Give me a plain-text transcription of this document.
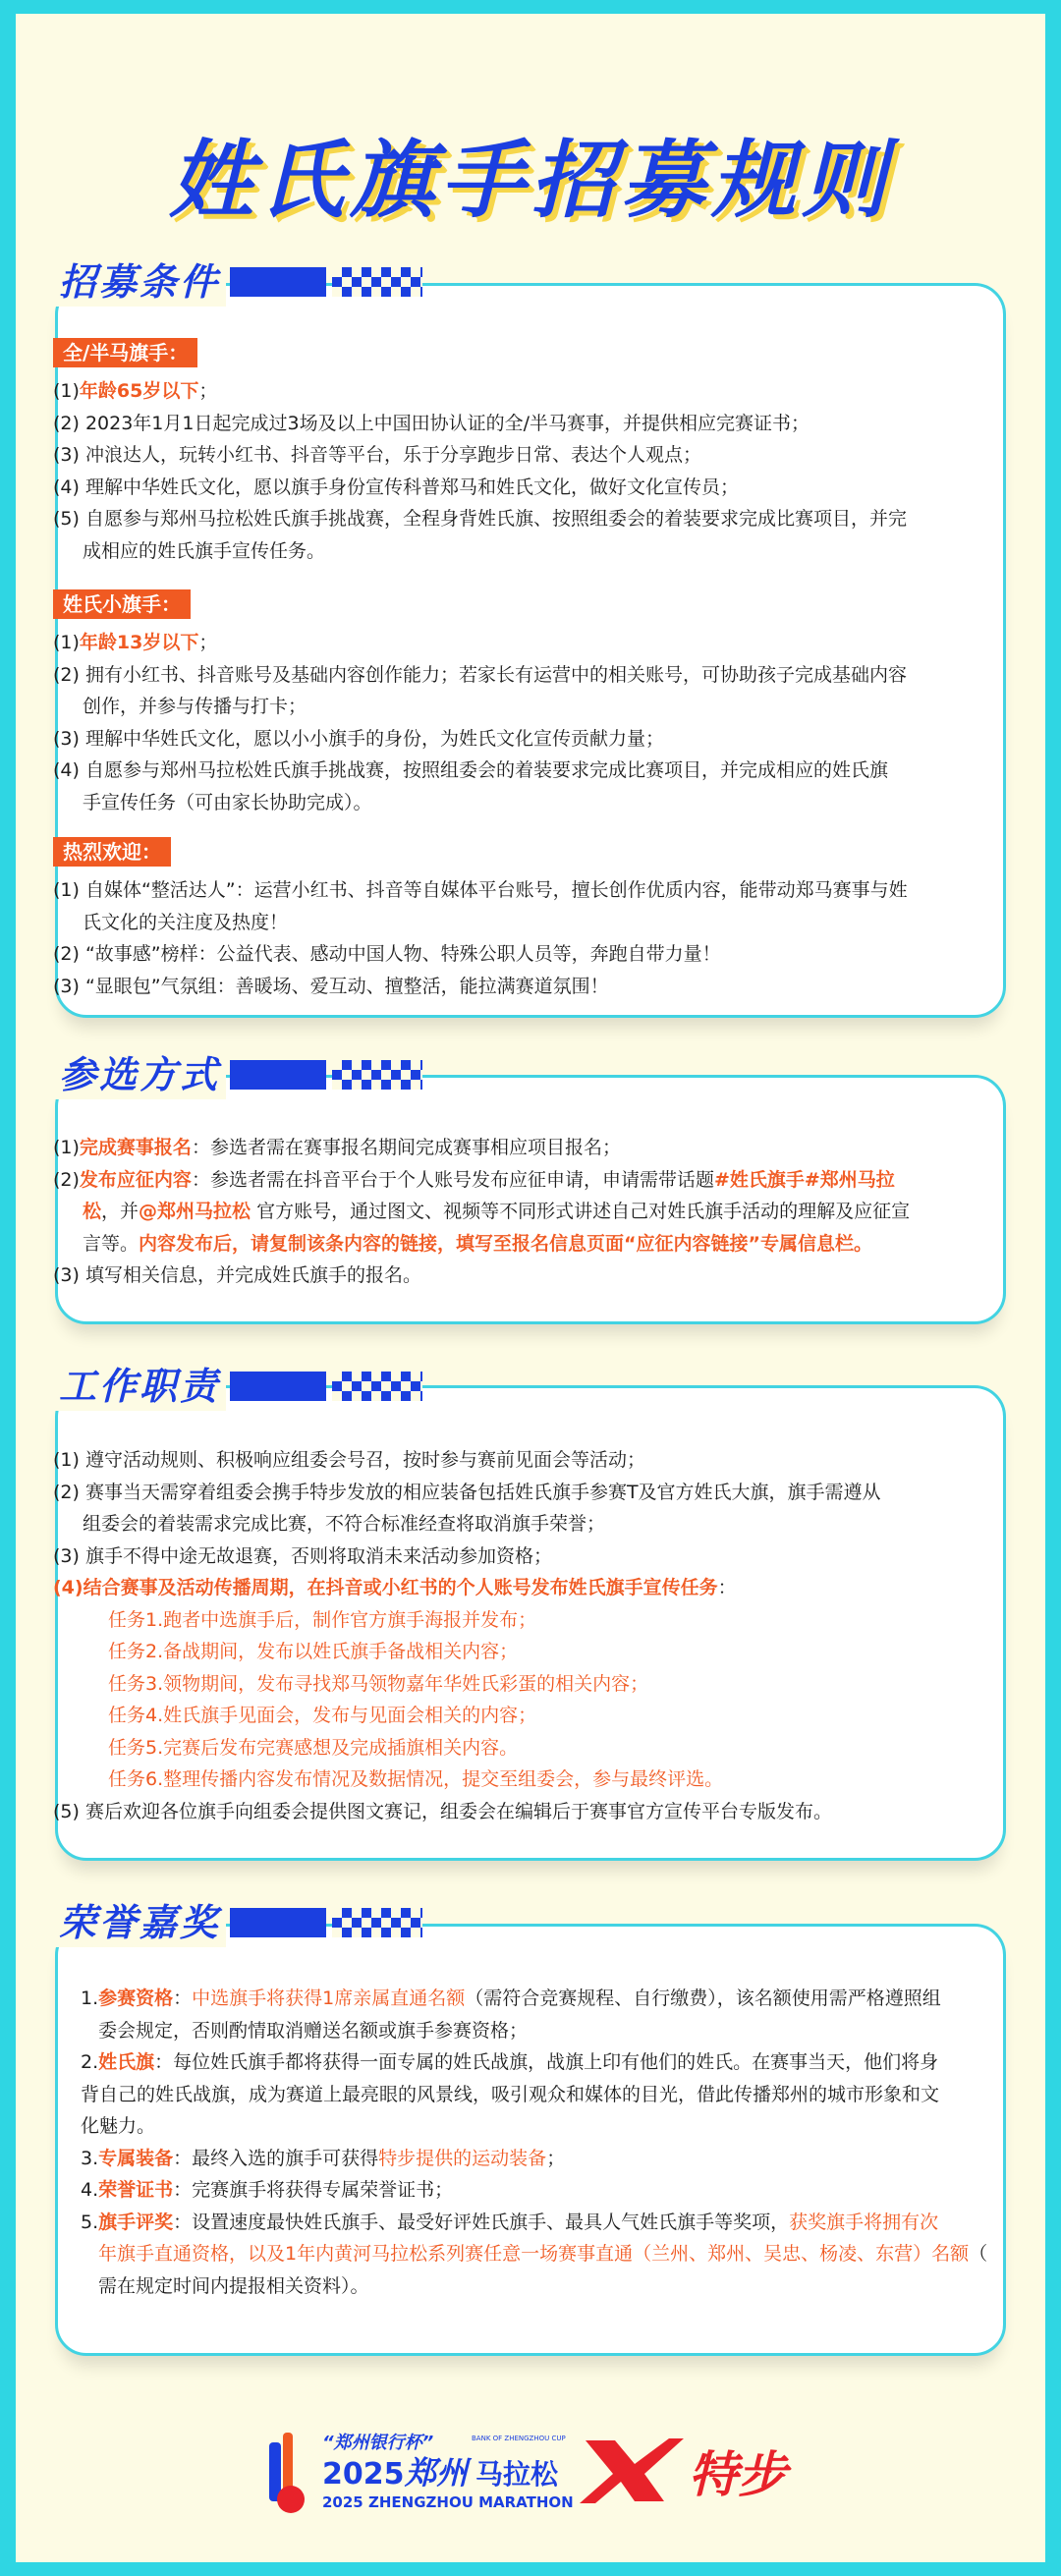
姓氏旗手招募规则
招募条件
全/半马旗手：
(1)年龄65岁以下；
(2) 2023年1月1日起完成过3场及以上中国田协认证的全/半马赛事，并提供相应完赛证书；
(3) 冲浪达人，玩转小红书、抖音等平台，乐于分享跑步日常、表达个人观点；
(4) 理解中华姓氏文化，愿以旗手身份宣传科普郑马和姓氏文化，做好文化宣传员；
(5) 自愿参与郑州马拉松姓氏旗手挑战赛，全程身背姓氏旗、按照组委会的着装要求完成比赛项目，并完
成相应的姓氏旗手宣传任务。
姓氏小旗手：
(1)年龄13岁以下；
(2) 拥有小红书、抖音账号及基础内容创作能力；若家长有运营中的相关账号，可协助孩子完成基础内容
创作，并参与传播与打卡；
(3) 理解中华姓氏文化，愿以小小旗手的身份，为姓氏文化宣传贡献力量；
(4) 自愿参与郑州马拉松姓氏旗手挑战赛，按照组委会的着装要求完成比赛项目，并完成相应的姓氏旗
手宣传任务（可由家长协助完成）。
热烈欢迎：
(1) 自媒体“整活达人”：运营小红书、抖音等自媒体平台账号，擅长创作优质内容，能带动郑马赛事与姓
氏文化的关注度及热度！
(2) “故事感”榜样：公益代表、感动中国人物、特殊公职人员等，奔跑自带力量！
(3) “显眼包”气氛组：善暖场、爱互动、擅整活，能拉满赛道氛围！
参选方式
(1)完成赛事报名：参选者需在赛事报名期间完成赛事相应项目报名；
(2)发布应征内容：参选者需在抖音平台于个人账号发布应征申请，申请需带话题#姓氏旗手#郑州马拉
松，并@郑州马拉松 官方账号，通过图文、视频等不同形式讲述自己对姓氏旗手活动的理解及应征宣
言等。内容发布后，请复制该条内容的链接，填写至报名信息页面“应征内容链接”专属信息栏。
(3) 填写相关信息，并完成姓氏旗手的报名。
工作职责
(1) 遵守活动规则、积极响应组委会号召，按时参与赛前见面会等活动；
(2) 赛事当天需穿着组委会携手特步发放的相应装备包括姓氏旗手参赛T及官方姓氏大旗，旗手需遵从
组委会的着装需求完成比赛，不符合标准经查将取消旗手荣誉；
(3) 旗手不得中途无故退赛，否则将取消未来活动参加资格；
(4)结合赛事及活动传播周期，在抖音或小红书的个人账号发布姓氏旗手宣传任务：
任务1.跑者中选旗手后，制作官方旗手海报并发布；
任务2.备战期间，发布以姓氏旗手备战相关内容；
任务3.领物期间，发布寻找郑马领物嘉年华姓氏彩蛋的相关内容；
任务4.姓氏旗手见面会，发布与见面会相关的内容；
任务5.完赛后发布完赛感想及完成插旗相关内容。
任务6.整理传播内容发布情况及数据情况，提交至组委会，参与最终评选。
(5) 赛后欢迎各位旗手向组委会提供图文赛记，组委会在编辑后于赛事官方宣传平台专版发布。
荣誉嘉奖
1.参赛资格：中选旗手将获得1席亲属直通名额（需符合竞赛规程、自行缴费），该名额使用需严格遵照组
委会规定，否则酌情取消赠送名额或旗手参赛资格；
2.姓氏旗：每位姓氏旗手都将获得一面专属的姓氏战旗，战旗上印有他们的姓氏。在赛事当天，他们将身
背自己的姓氏战旗，成为赛道上最亮眼的风景线，吸引观众和媒体的目光，借此传播郑州的城市形象和文
化魅力。
3.专属装备：最终入选的旗手可获得特步提供的运动装备；
4.荣誉证书：完赛旗手将获得专属荣誉证书；
5.旗手评奖：设置速度最快姓氏旗手、最受好评姓氏旗手、最具人气姓氏旗手等奖项，获奖旗手将拥有次
年旗手直通资格，以及1年内黄河马拉松系列赛任意一场赛事直通（兰州、郑州、吴忠、杨凌、东营）名额（
需在规定时间内提报相关资料）。
“郑州银行杯”	BANK OF ZHENGZHOU CUP
2025 郑州 马拉松
2025 ZHENGZHOU MARATHON 特步
